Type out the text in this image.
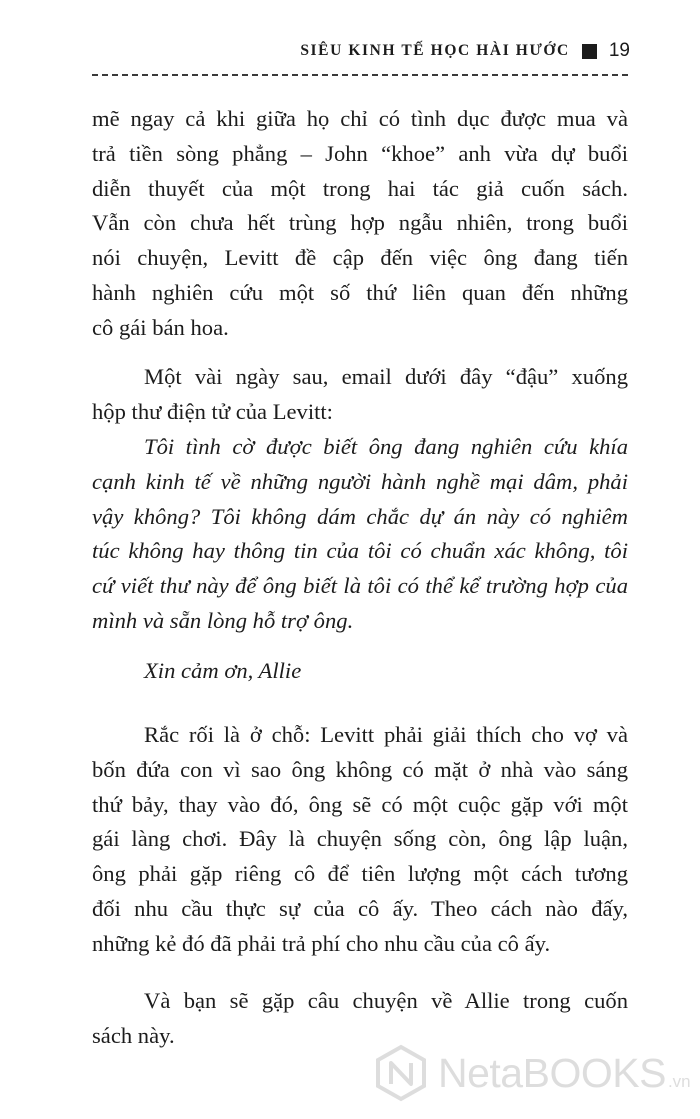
SIÊU KINH TẾ HỌC HÀI HƯỚC 19

mẽ ngay cả khi giữa họ chỉ có tình dục được mua và
trả tiền sòng phẳng – John “khoe” anh vừa dự buổi
diễn thuyết của một trong hai tác giả cuốn sách.
Vẫn còn chưa hết trùng hợp ngẫu nhiên, trong buổi
nói chuyện, Levitt đề cập đến việc ông đang tiến
hành nghiên cứu một số thứ liên quan đến những
cô gái bán hoa.

Một vài ngày sau, email dưới đây “đậu” xuống
hộp thư điện tử của Levitt:

Tôi tình cờ được biết ông đang nghiên cứu khía
cạnh kinh tế về những người hành nghề mại dâm, phải
vậy không? Tôi không dám chắc dự án này có nghiêm
túc không hay thông tin của tôi có chuẩn xác không, tôi
cứ viết thư này để ông biết là tôi có thể kể trường hợp của
mình và sẵn lòng hỗ trợ ông.

Xin cảm ơn, Allie

Rắc rối là ở chỗ: Levitt phải giải thích cho vợ và
bốn đứa con vì sao ông không có mặt ở nhà vào sáng
thứ bảy, thay vào đó, ông sẽ có một cuộc gặp với một
gái làng chơi. Đây là chuyện sống còn, ông lập luận,
ông phải gặp riêng cô để tiên lượng một cách tương
đối nhu cầu thực sự của cô ấy. Theo cách nào đấy,
những kẻ đó đã phải trả phí cho nhu cầu của cô ấy.

Và bạn sẽ gặp câu chuyện về Allie trong cuốn
sách này.

NetaBOOKS .vn
